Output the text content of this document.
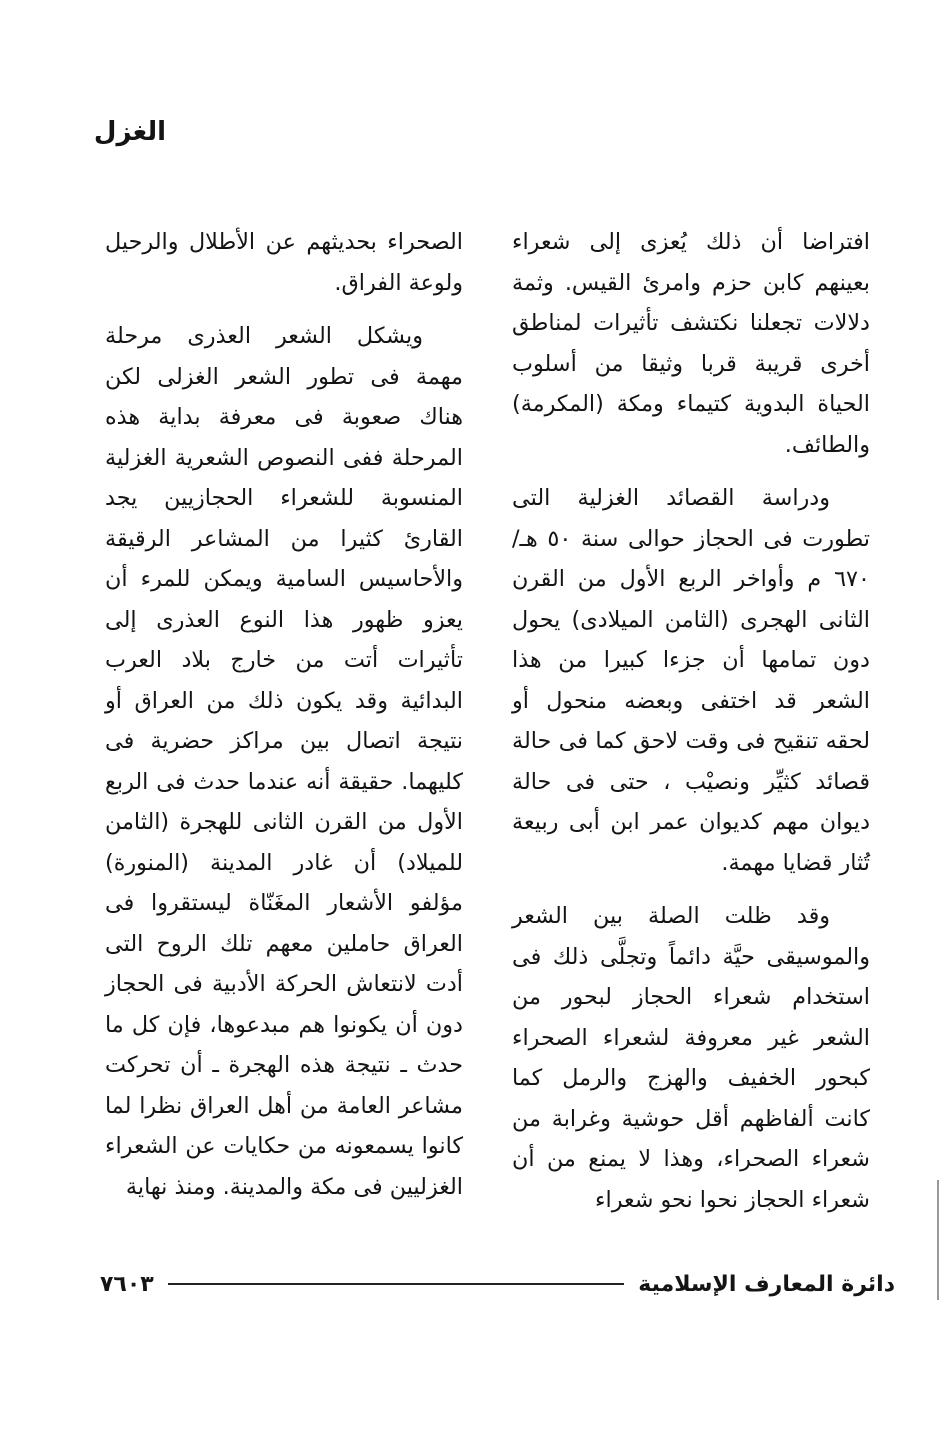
الغزل

افتراضا أن ذلك يُعزى إلى شعراء بعينهم كابن حزم وامرئ القيس. وثمة دلالات تجعلنا نكتشف تأثيرات لمناطق أخرى قريبة قربا وثيقا من أسلوب الحياة البدوية كتيماء ومكة (المكرمة) والطائف.

ودراسة القصائد الغزلية التى تطورت فى الحجاز حوالى سنة ٥٠ هـ/ ٦٧٠ م وأواخر الربع الأول من القرن الثانى الهجرى (الثامن الميلادى) يحول دون تمامها أن جزءا كبيرا من هذا الشعر قد اختفى وبعضه منحول أو لحقه تنقيح فى وقت لاحق كما فى حالة قصائد كثيِّر ونصيْب ، حتى فى حالة ديوان مهم كديوان عمر ابن أبى ربيعة تُثار قضايا مهمة.

وقد ظلت الصلة بين الشعر والموسيقى حيَّة دائماً وتجلَّى ذلك فى استخدام شعراء الحجاز لبحور من الشعر غير معروفة لشعراء الصحراء كبحور الخفيف والهزج والرمل كما كانت ألفاظهم أقل حوشية وغرابة من شعراء الصحراء، وهذا لا يمنع من أن شعراء الحجاز نحوا نحو شعراء

الصحراء بحديثهم عن الأطلال والرحيل ولوعة الفراق.

ويشكل الشعر العذرى مرحلة مهمة فى تطور الشعر الغزلى لكن هناك صعوبة فى معرفة بداية هذه المرحلة ففى النصوص الشعرية الغزلية المنسوبة للشعراء الحجازيين يجد القارئ كثيرا من المشاعر الرقيقة والأحاسيس السامية ويمكن للمرء أن يعزو ظهور هذا النوع العذرى إلى تأثيرات أتت من خارج بلاد العرب البدائية وقد يكون ذلك من العراق أو نتيجة اتصال بين مراكز حضرية فى كليهما. حقيقة أنه عندما حدث فى الربع الأول من القرن الثانى للهجرة (الثامن للميلاد) أن غادر المدينة (المنورة) مؤلفو الأشعار المغَنّاة ليستقروا فى العراق حاملين معهم تلك الروح التى أدت لانتعاش الحركة الأدبية فى الحجاز دون أن يكونوا هم مبدعوها، فإن كل ما حدث ـ نتيجة هذه الهجرة ـ أن تحركت مشاعر العامة من أهل العراق نظرا لما كانوا يسمعونه من حكايات عن الشعراء الغزليين فى مكة والمدينة. ومنذ نهاية

دائرة المعارف الإسلامية
٧٦٠٣
